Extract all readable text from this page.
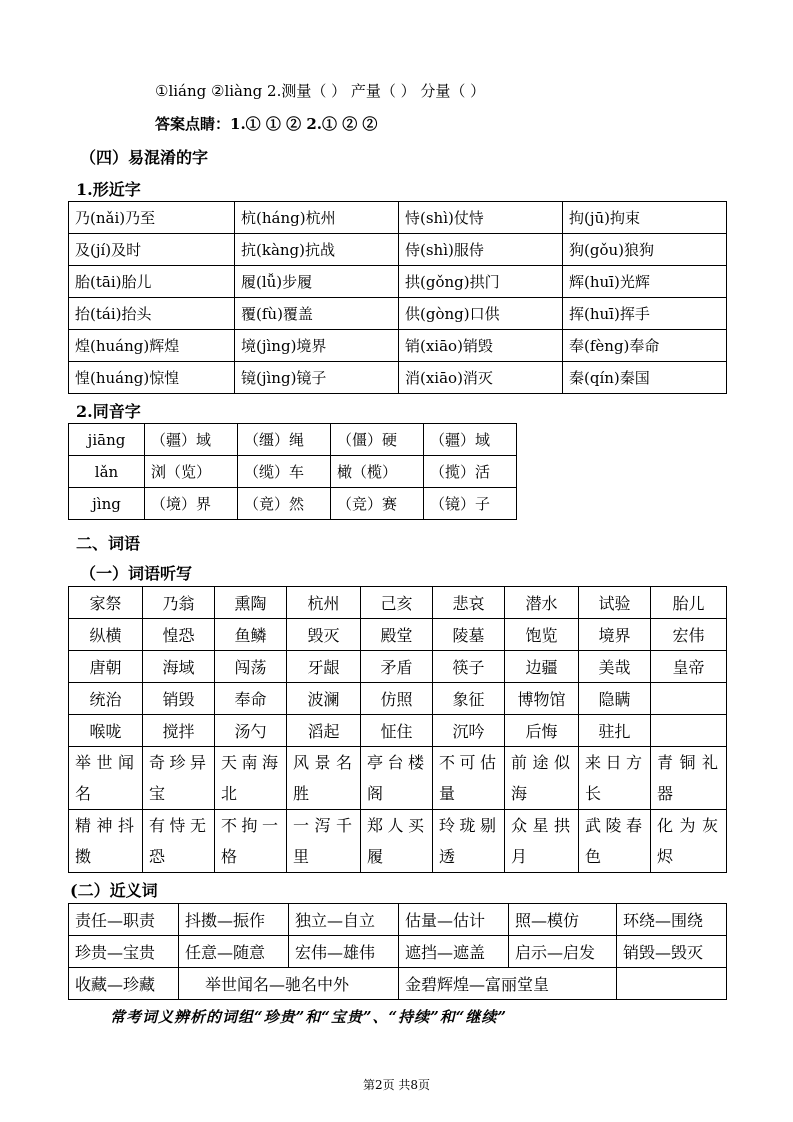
①liáng ②liàng 2.测量（ ） 产量（ ） 分量（ ）
答案点睛：1.① ① ② 2.① ② ②
（四）易混淆的字
1.形近字
乃(nǎi)乃至	杭(háng)杭州	恃(shì)仗恃	拘(jū)拘束
及(jí)及时	抗(kàng)抗战	侍(shì)服侍	狗(gǒu)狼狗
胎(tāi)胎儿	履(lǚ)步履	拱(gǒng)拱门	辉(huī)光辉
抬(tái)抬头	覆(fù)覆盖	供(gòng)口供	挥(huī)挥手
煌(huáng)辉煌	境(jìng)境界	销(xiāo)销毁	奉(fèng)奉命
惶(huáng)惊惶	镜(jìng)镜子	消(xiāo)消灭	秦(qín)秦国
2.同音字
jiāng	（疆）域	（缰）绳	（僵）硬	（疆）域
lǎn	浏（览）	（缆）车	橄（榄）	（揽）活
jìng	（境）界	（竟）然	（竞）赛	（镜）子
二、词语
（一）词语听写
家祭	乃翁	熏陶	杭州	己亥	悲哀	潜水	试验	胎儿
纵横	惶恐	鱼鳞	毁灭	殿堂	陵墓	饱览	境界	宏伟
唐朝	海域	闯荡	牙龈	矛盾	筷子	边疆	美哉	皇帝
统治	销毁	奉命	波澜	仿照	象征	博物馆	隐瞒	
喉咙	搅拌	汤勺	滔起	怔住	沉吟	后悔	驻扎	
举世闻名	奇珍异宝	天南海北	风景名胜	亭台楼阁	不可估量	前途似海	来日方长	青铜礼器
精神抖擞	有恃无恐	不拘一格	一泻千里	郑人买履	玲珑剔透	众星拱月	武陵春色	化为灰烬
(二）近义词
责任—职责	抖擞—振作	独立—自立	估量—估计	照—模仿	环绕—围绕
珍贵—宝贵	任意—随意	宏伟—雄伟	遮挡—遮盖	启示—启发	销毁—毁灭
收藏—珍藏	举世闻名—驰名中外		金碧辉煌—富丽堂皇		
常考词义辨析的词组“珍贵”和“宝贵”、“持续”和“继续”
第2页 共8页
